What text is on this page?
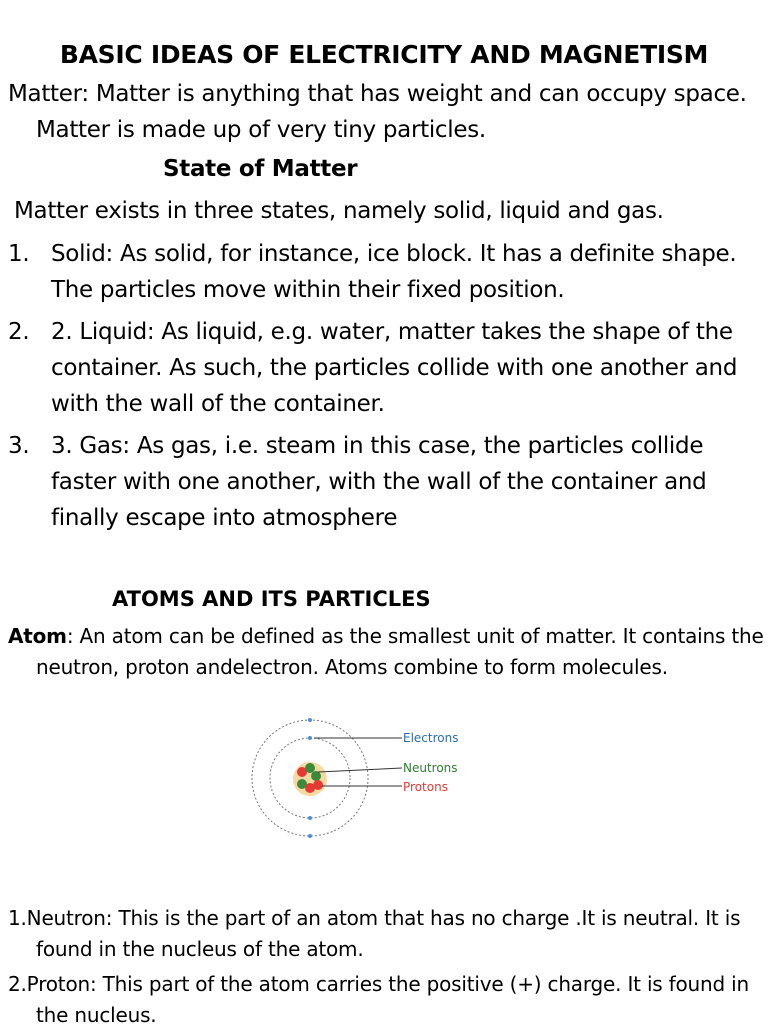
BASIC IDEAS OF ELECTRICITY AND MAGNETISM
Matter: Matter is anything that has weight and can occupy space. Matter is made up of very tiny particles.
State of Matter
Matter exists in three states, namely solid, liquid and gas.
1. Solid: As solid, for instance, ice block. It has a definite shape. The particles move within their fixed position.
2. 2. Liquid: As liquid, e.g. water, matter takes the shape of the container. As such, the particles collide with one another and with the wall of the container.
3. 3. Gas: As gas, i.e. steam in this case, the particles collide faster with one another, with the wall of the container and finally escape into atmosphere
ATOMS AND ITS PARTICLES
Atom: An atom can be defined as the smallest unit of matter. It contains the neutron, proton andelectron. Atoms combine to form molecules.
Electrons
Neutrons
Protons
1.Neutron: This is the part of an atom that has no charge .It is neutral. It is found in the nucleus of the atom.
2.Proton: This part of the atom carries the positive (+) charge. It is found in the nucleus.
